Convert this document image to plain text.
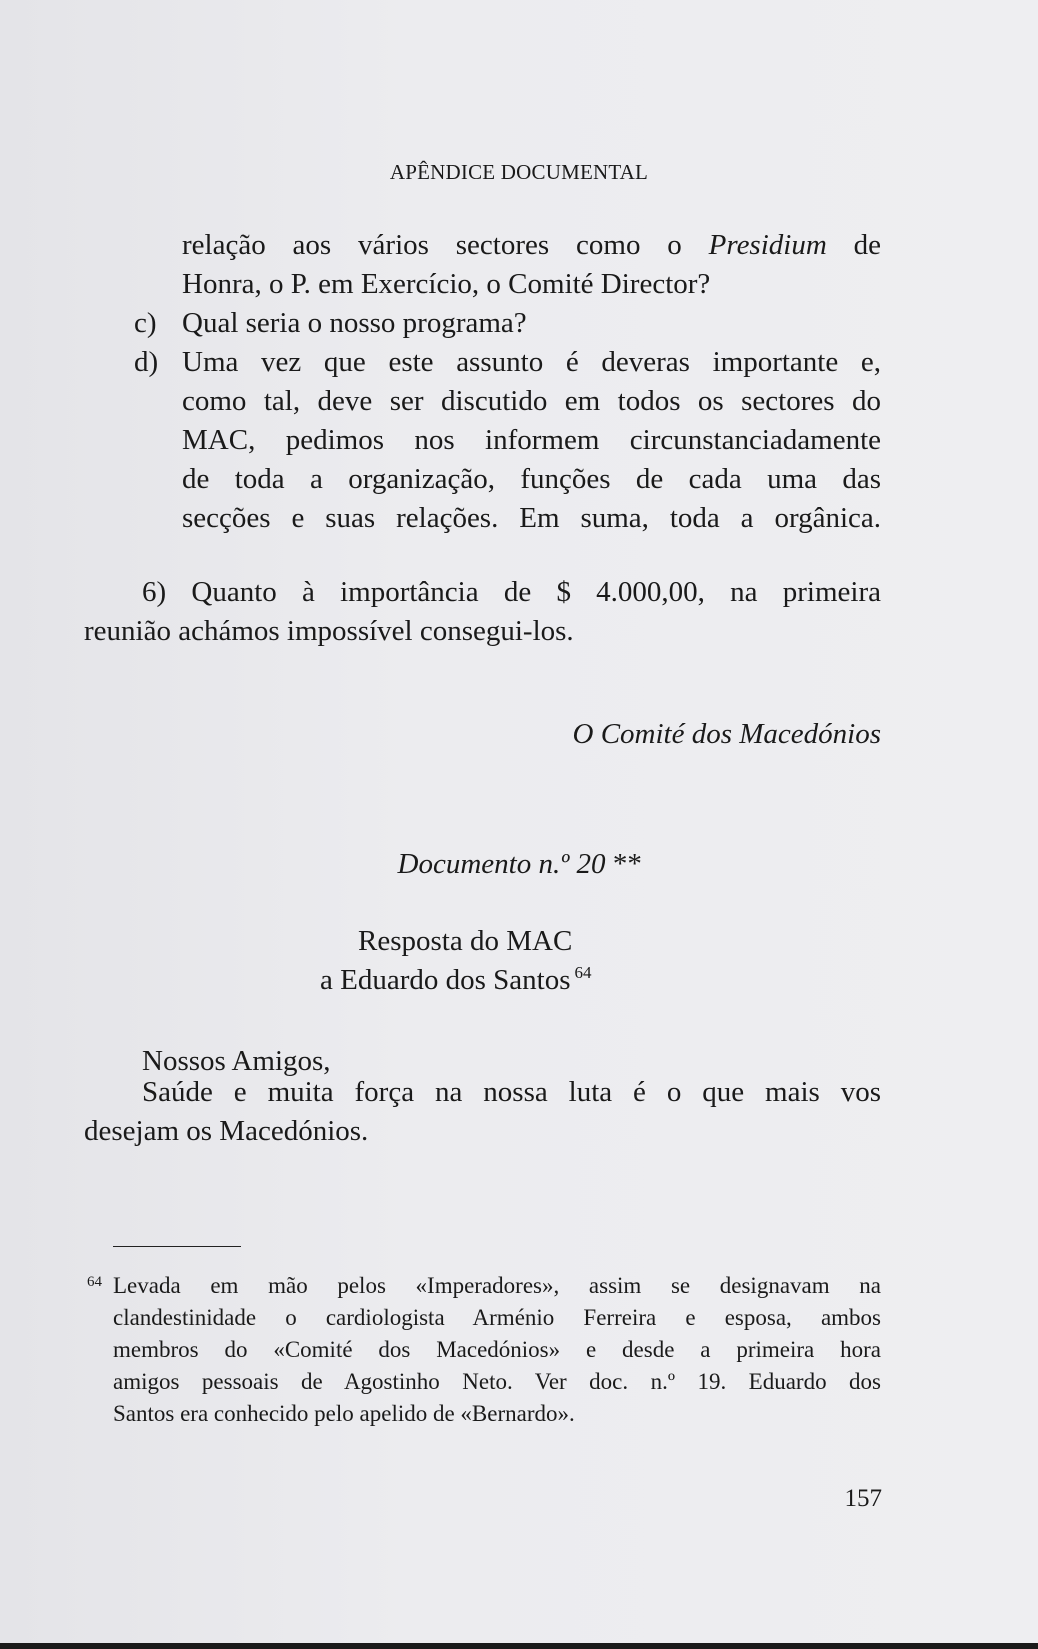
APÊNDICE DOCUMENTAL
relação aos vários sectores como o Presidium de
Honra, o P. em Exercício, o Comité Director?
c) Qual seria o nosso programa?
d) Uma vez que este assunto é deveras importante e,
como tal, deve ser discutido em todos os sectores do
MAC, pedimos nos informem circunstanciadamente
de toda a organização, funções de cada uma das
secções e suas relações. Em suma, toda a orgânica.
6) Quanto à importância de $ 4.000,00, na primeira
reunião achámos impossível consegui-los.
O Comité dos Macedónios
Documento n.º 20 **
Resposta do MAC
a Eduardo dos Santos $^{64}$
Nossos Amigos,
Saúde e muita força na nossa luta é o que mais vos
desejam os Macedónios.
64 Levada em mão pelos «Imperadores», assim se designavam na
clandestinidade o cardiologista Arménio Ferreira e esposa, ambos
membros do «Comité dos Macedónios» e desde a primeira hora
amigos pessoais de Agostinho Neto. Ver doc. n.º 19. Eduardo dos
Santos era conhecido pelo apelido de «Bernardo».
157
